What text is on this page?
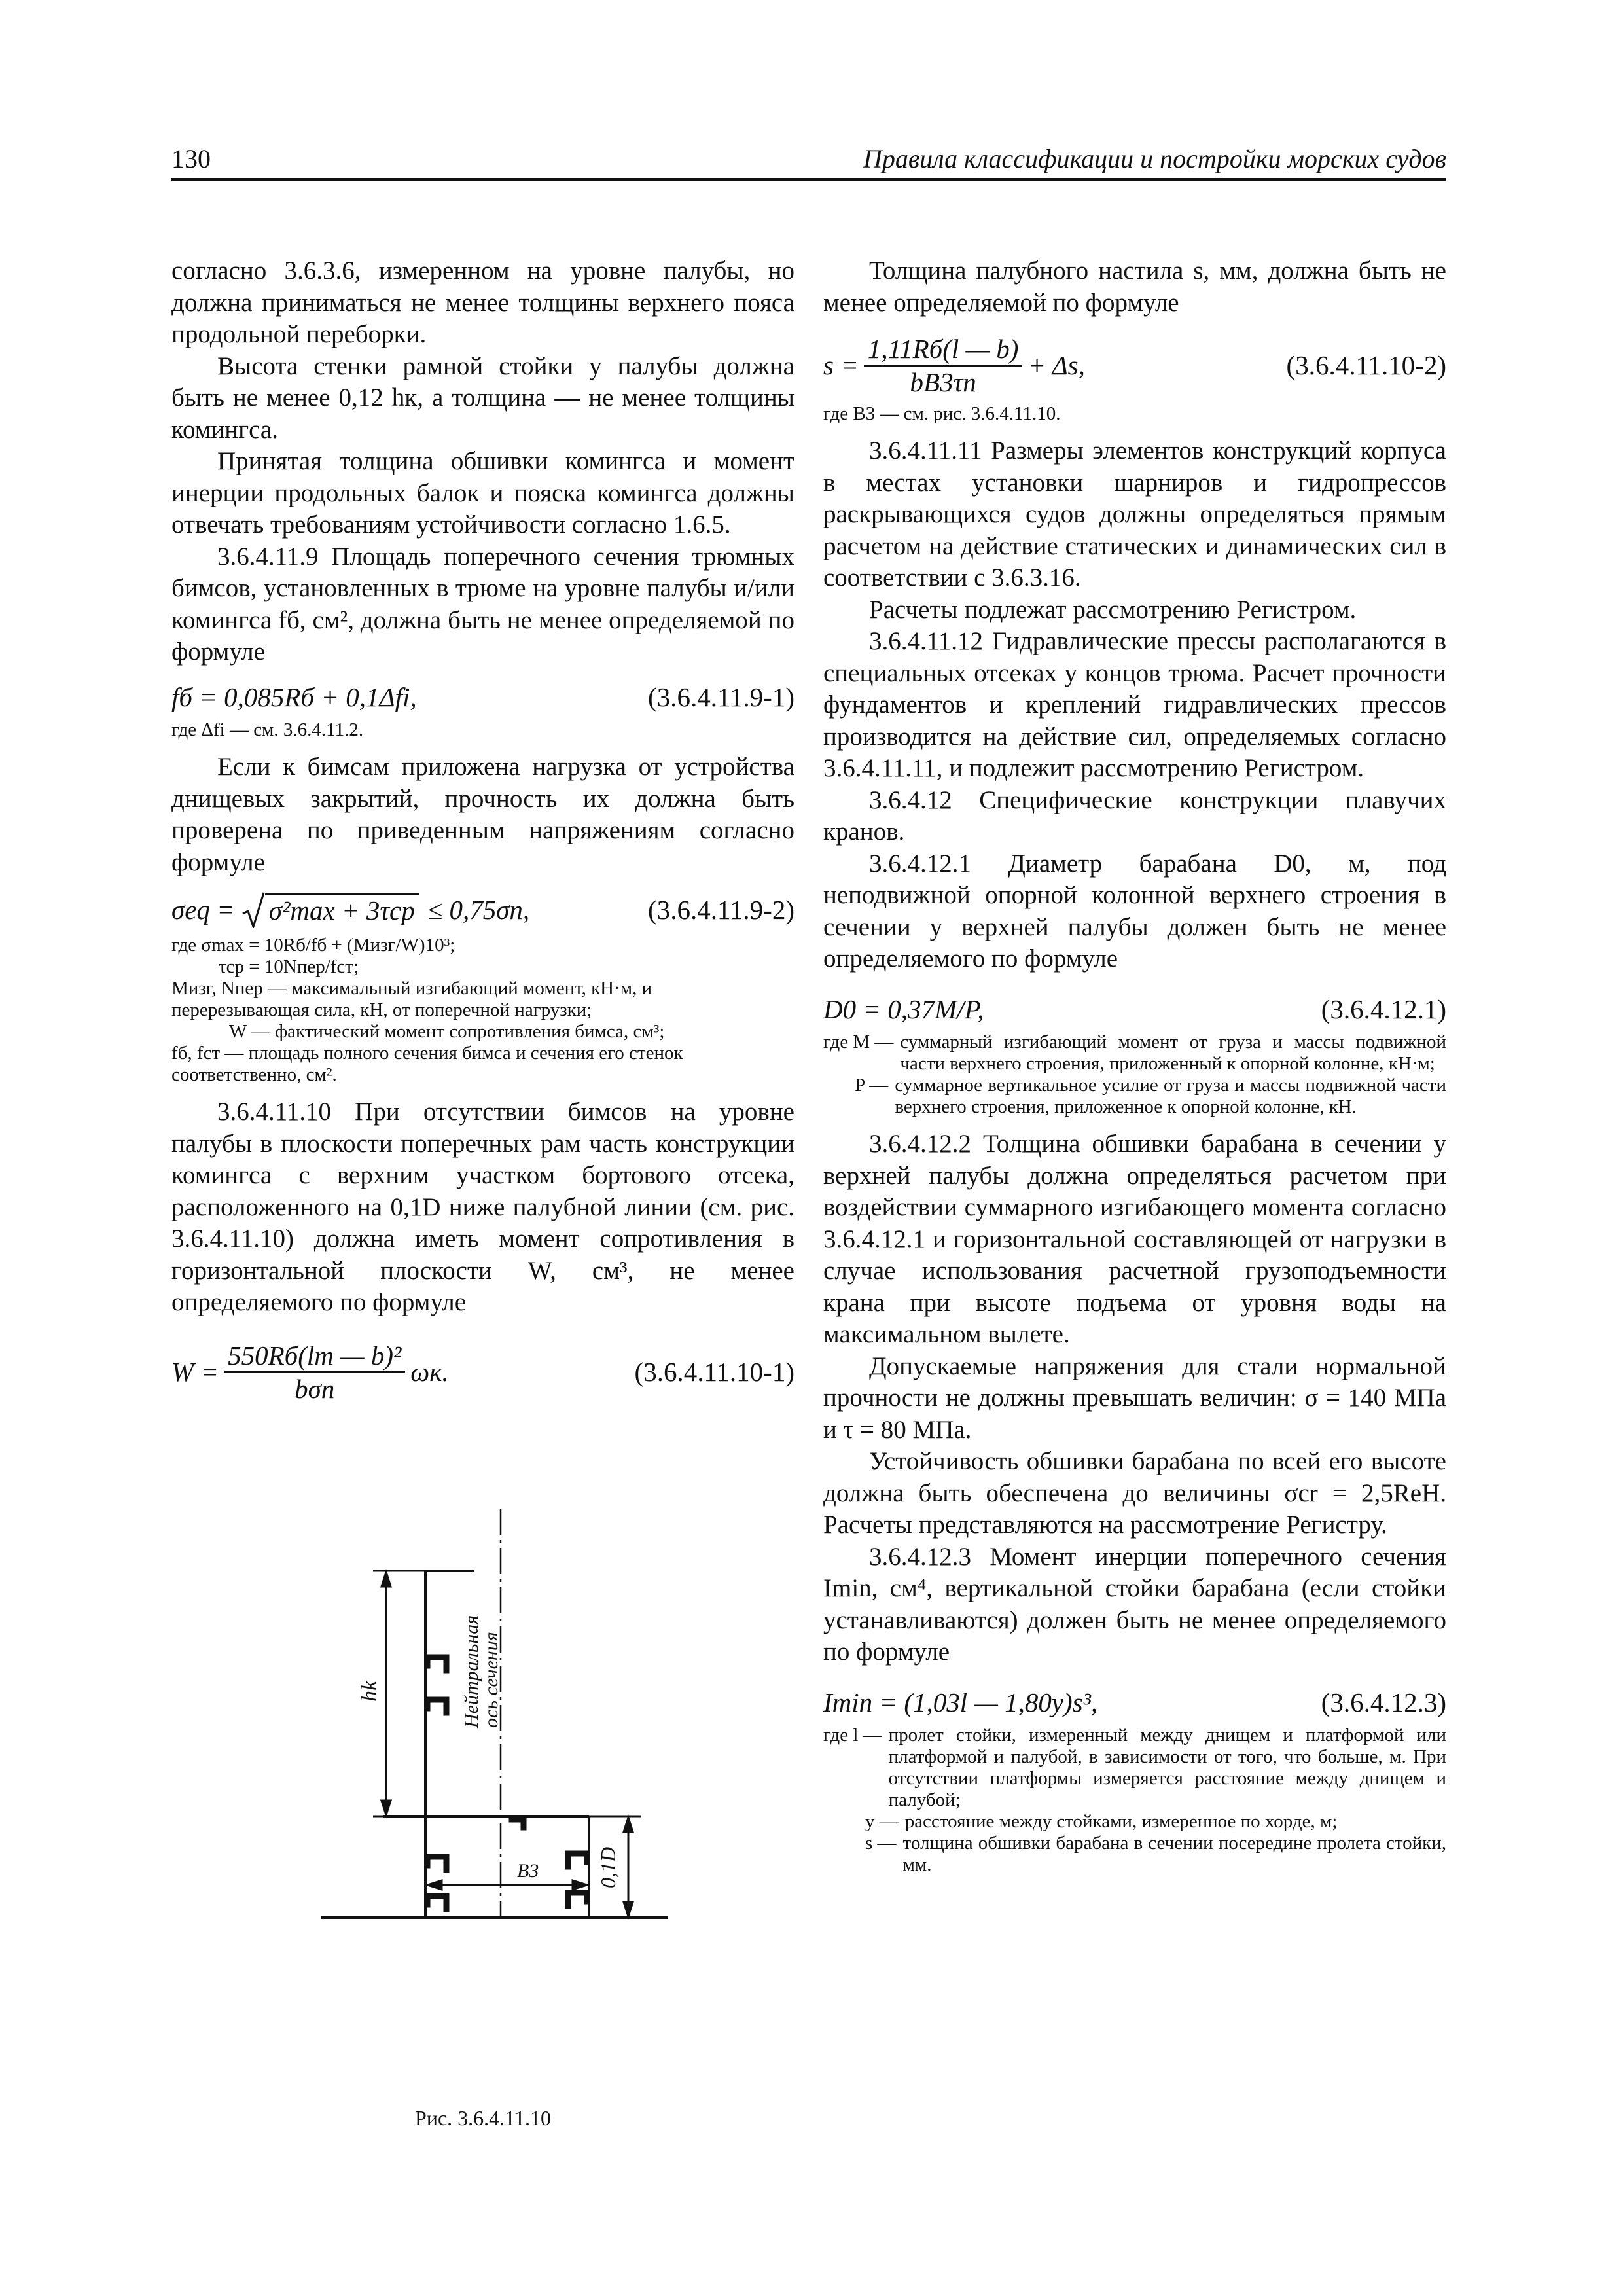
130	Правила классификации и постройки морских судов

согласно 3.6.3.6, измеренном на уровне палубы, но должна приниматься не менее толщины верхнего пояса продольной переборки.

Высота стенки рамной стойки у палубы должна быть не менее 0,12 hк, а толщина — не менее толщины комингса.

Принятая толщина обшивки комингса и момент инерции продольных балок и пояска комингса должны отвечать требованиям устойчивости согласно 1.6.5.

3.6.4.11.9 Площадь поперечного сечения трюмных бимсов, установленных в трюме на уровне палубы и/или комингса fб, см², должна быть не менее определяемой по формуле

fб = 0,085Rб + 0,1Δfi,	(3.6.4.11.9-1)
где Δfi — см. 3.6.4.11.2.

Если к бимсам приложена нагрузка от устройства днищевых закрытий, прочность их должна быть проверена по приведенным напряжениям согласно формуле

σeq = σ²max + 3τср ≤ 0,75σn,	(3.6.4.11.9-2)
где σmax = 10Rб/fб + (Mизг/W)10³;
τср = 10Nпер/fст;
Mизг, Nпер — максимальный изгибающий момент, кН·м, и перерезывающая сила, кН, от поперечной нагрузки;
W — фактический момент сопротивления бимса, см³;
fб, fст — площадь полного сечения бимса и сечения его стенок соответственно, см².

3.6.4.11.10 При отсутствии бимсов на уровне палубы в плоскости поперечных рам часть конструкции комингса с верхним участком бортового отсека, расположенного на 0,1D ниже палубной линии (см. рис. 3.6.4.11.10) должна иметь момент сопротивления в горизонтальной плоскости W, см³, не менее определяемого по формуле

$W = \frac{\text{550Rб(lт — b)²}}{\text{bσn}} \omega к$.	(3.6.4.11.10-1)
hk	Нейтральная
ось сечения
B3	0,1D
Рис. 3.6.4.11.10

Толщина палубного настила s, мм, должна быть не менее определяемой по формуле

$s = \frac{1,11Rб(l — b)}{bB3\tau n} + \Delta s$,	(3.6.4.11.10-2)
где B3 — см. рис. 3.6.4.11.10.

3.6.4.11.11 Размеры элементов конструкций корпуса в местах установки шарниров и гидропрессов раскрывающихся судов должны определяться прямым расчетом на действие статических и динамических сил в соответствии с 3.6.3.16.

Расчеты подлежат рассмотрению Регистром.

3.6.4.11.12 Гидравлические прессы располагаются в специальных отсеках у концов трюма. Расчет прочности фундаментов и креплений гидравлических прессов производится на действие сил, определяемых согласно 3.6.4.11.11, и подлежит рассмотрению Регистром.

3.6.4.12 Специфические конструкции плавучих кранов.

3.6.4.12.1 Диаметр барабана D0, м, под неподвижной опорной колонной верхнего строения в сечении у верхней палубы должен быть не менее определяемого по формуле

D0 = 0,37M/P,	(3.6.4.12.1)
где M — суммарный изгибающий момент от груза и массы подвижной части верхнего строения, приложенный к опорной колонне, кН·м;
P — суммарное вертикальное усилие от груза и массы подвижной части верхнего строения, приложенное к опорной колонне, кН.

3.6.4.12.2 Толщина обшивки барабана в сечении у верхней палубы должна определяться расчетом при воздействии суммарного изгибающего момента согласно 3.6.4.12.1 и горизонтальной составляющей от нагрузки в случае использования расчетной грузоподъемности крана при высоте подъема от уровня воды на максимальном вылете.

Допускаемые напряжения для стали нормальной прочности не должны превышать величин: σ = 140 МПа и τ = 80 МПа.

Устойчивость обшивки барабана по всей его высоте должна быть обеспечена до величины σcr = 2,5ReH. Расчеты представляются на рассмотрение Регистру.

3.6.4.12.3 Момент инерции поперечного сечения Imin, см⁴, вертикальной стойки барабана (если стойки устанавливаются) должен быть не менее определяемого по формуле

Imin = (1,03l — 1,80y)s³,	(3.6.4.12.3)
где l — пролет стойки, измеренный между днищем и платформой или платформой и палубой, в зависимости от того, что больше, м. При отсутствии платформы измеряется расстояние между днищем и палубой;
y — расстояние между стойками, измеренное по хорде, м;
s — толщина обшивки барабана в сечении посередине пролета стойки, мм.
